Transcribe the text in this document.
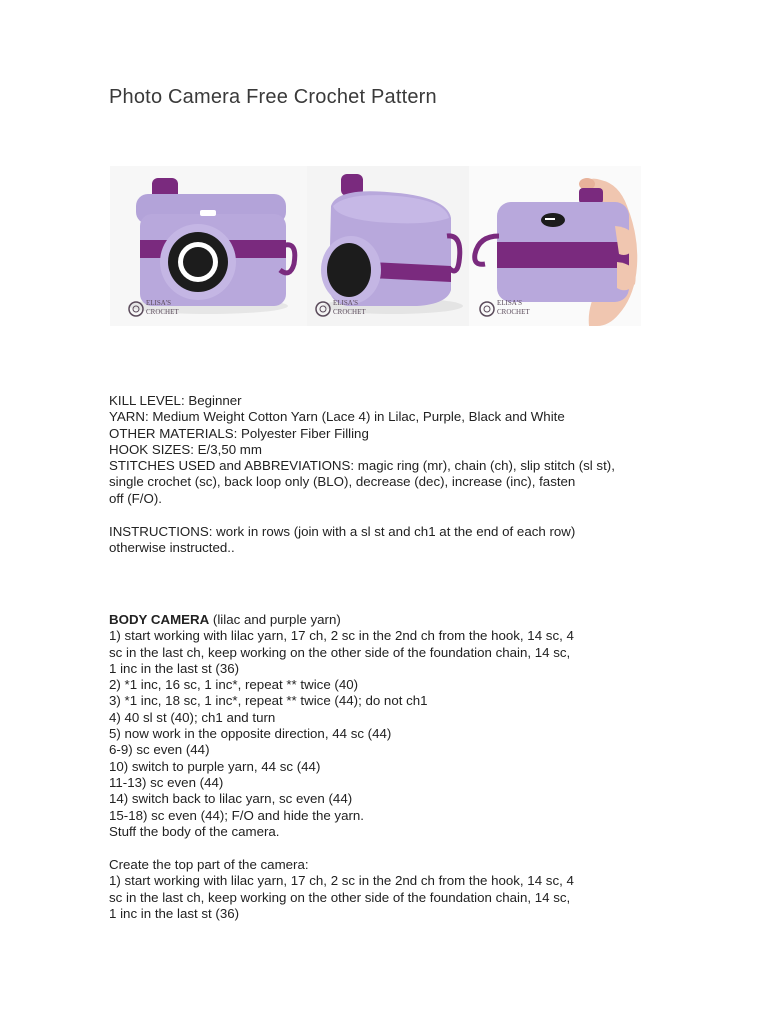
Photo Camera Free Crochet Pattern
ELISA'S
CROCHET
ELISA'S
CROCHET
ELISA'S
CROCHET

KILL LEVEL: Beginner

YARN: Medium Weight Cotton Yarn (Lace 4) in Lilac, Purple, Black and White

OTHER MATERIALS: Polyester Fiber Filling

HOOK SIZES: E/3,50 mm

STITCHES USED and ABBREVIATIONS: magic ring (mr), chain (ch), slip stitch (sl st),

single crochet (sc), back loop only (BLO), decrease (dec), increase (inc), fasten

off (F/O).

INSTRUCTIONS: work in rows (join with a sl st and ch1 at the end of each row)

otherwise instructed..

BODY CAMERA (lilac and purple yarn)

1) start working with lilac yarn, 17 ch, 2 sc in the 2nd ch from the hook, 14 sc, 4

sc in the last ch, keep working on the other side of the foundation chain, 14 sc,

1 inc in the last st (36)

2) *1 inc, 16 sc, 1 inc*, repeat ** twice (40)

3) *1 inc, 18 sc, 1 inc*, repeat ** twice (44); do not ch1

4) 40 sl st (40); ch1 and turn

5) now work in the opposite direction, 44 sc (44)

6-9) sc even (44)

10) switch to purple yarn, 44 sc (44)

11-13) sc even (44)

14) switch back to lilac yarn, sc even (44)

15-18) sc even (44); F/O and hide the yarn.

Stuff the body of the camera.

Create the top part of the camera:

1) start working with lilac yarn, 17 ch, 2 sc in the 2nd ch from the hook, 14 sc, 4

sc in the last ch, keep working on the other side of the foundation chain, 14 sc,

1 inc in the last st (36)
